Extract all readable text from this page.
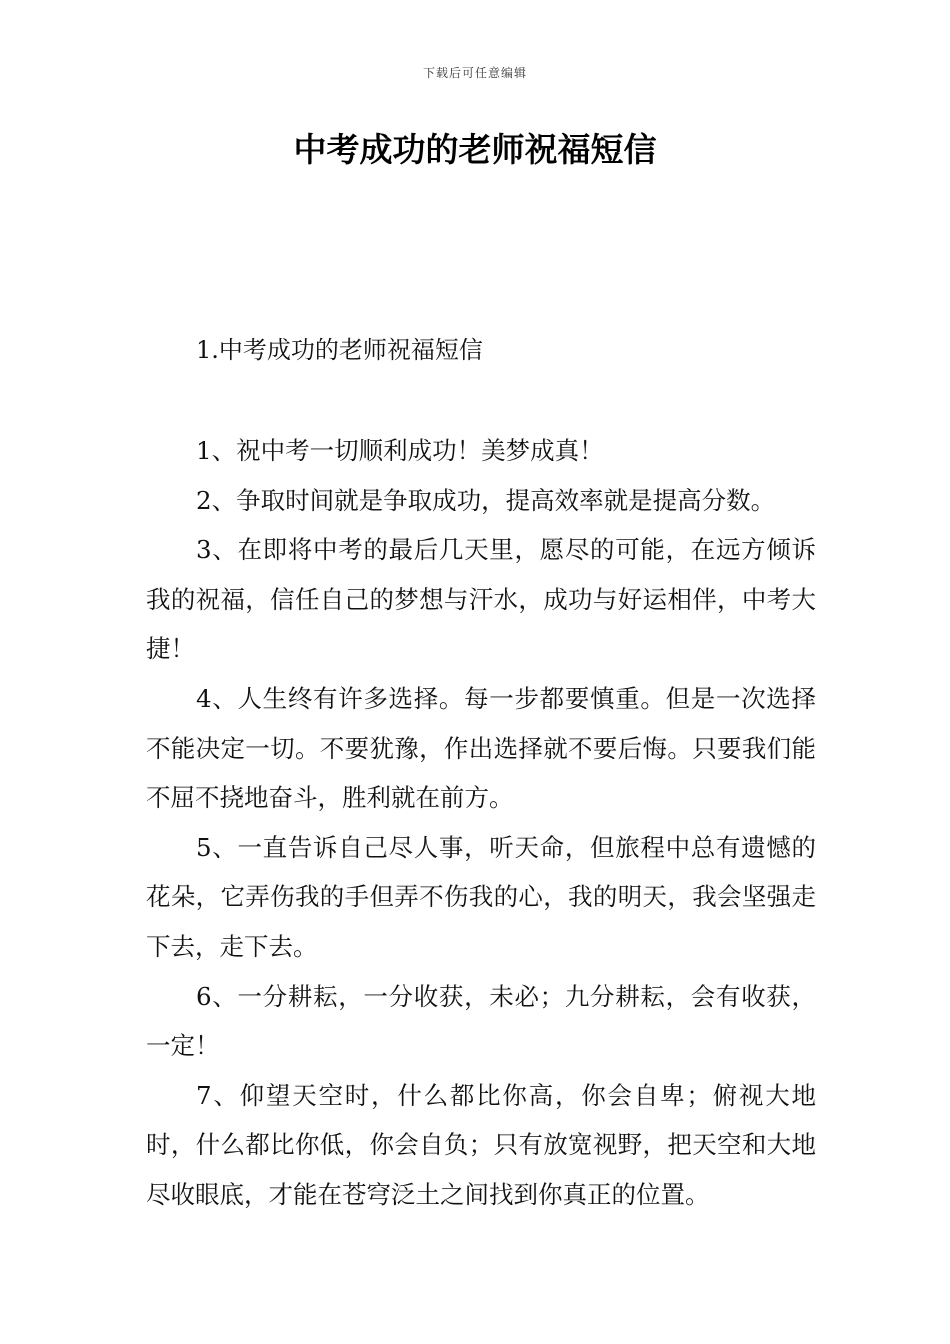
下载后可任意编辑
中考成功的老师祝福短信
1.中考成功的老师祝福短信

1、祝中考一切顺利成功！美梦成真！

2、争取时间就是争取成功，提高效率就是提高分数。

3、在即将中考的最后几天里，愿尽的可能，在远方倾诉我的祝福，信任自己的梦想与汗水，成功与好运相伴，中考大捷！

4、人生终有许多选择。每一步都要慎重。但是一次选择不能决定一切。不要犹豫，作出选择就不要后悔。只要我们能不屈不挠地奋斗，胜利就在前方。

5、一直告诉自己尽人事，听天命，但旅程中总有遗憾的花朵，它弄伤我的手但弄不伤我的心，我的明天，我会坚强走下去，走下去。

6、一分耕耘，一分收获，未必；九分耕耘，会有收获，一定！

7、仰望天空时，什么都比你高，你会自卑；俯视大地时，什么都比你低，你会自负；只有放宽视野，把天空和大地尽收眼底，才能在苍穹泛土之间找到你真正的位置。
